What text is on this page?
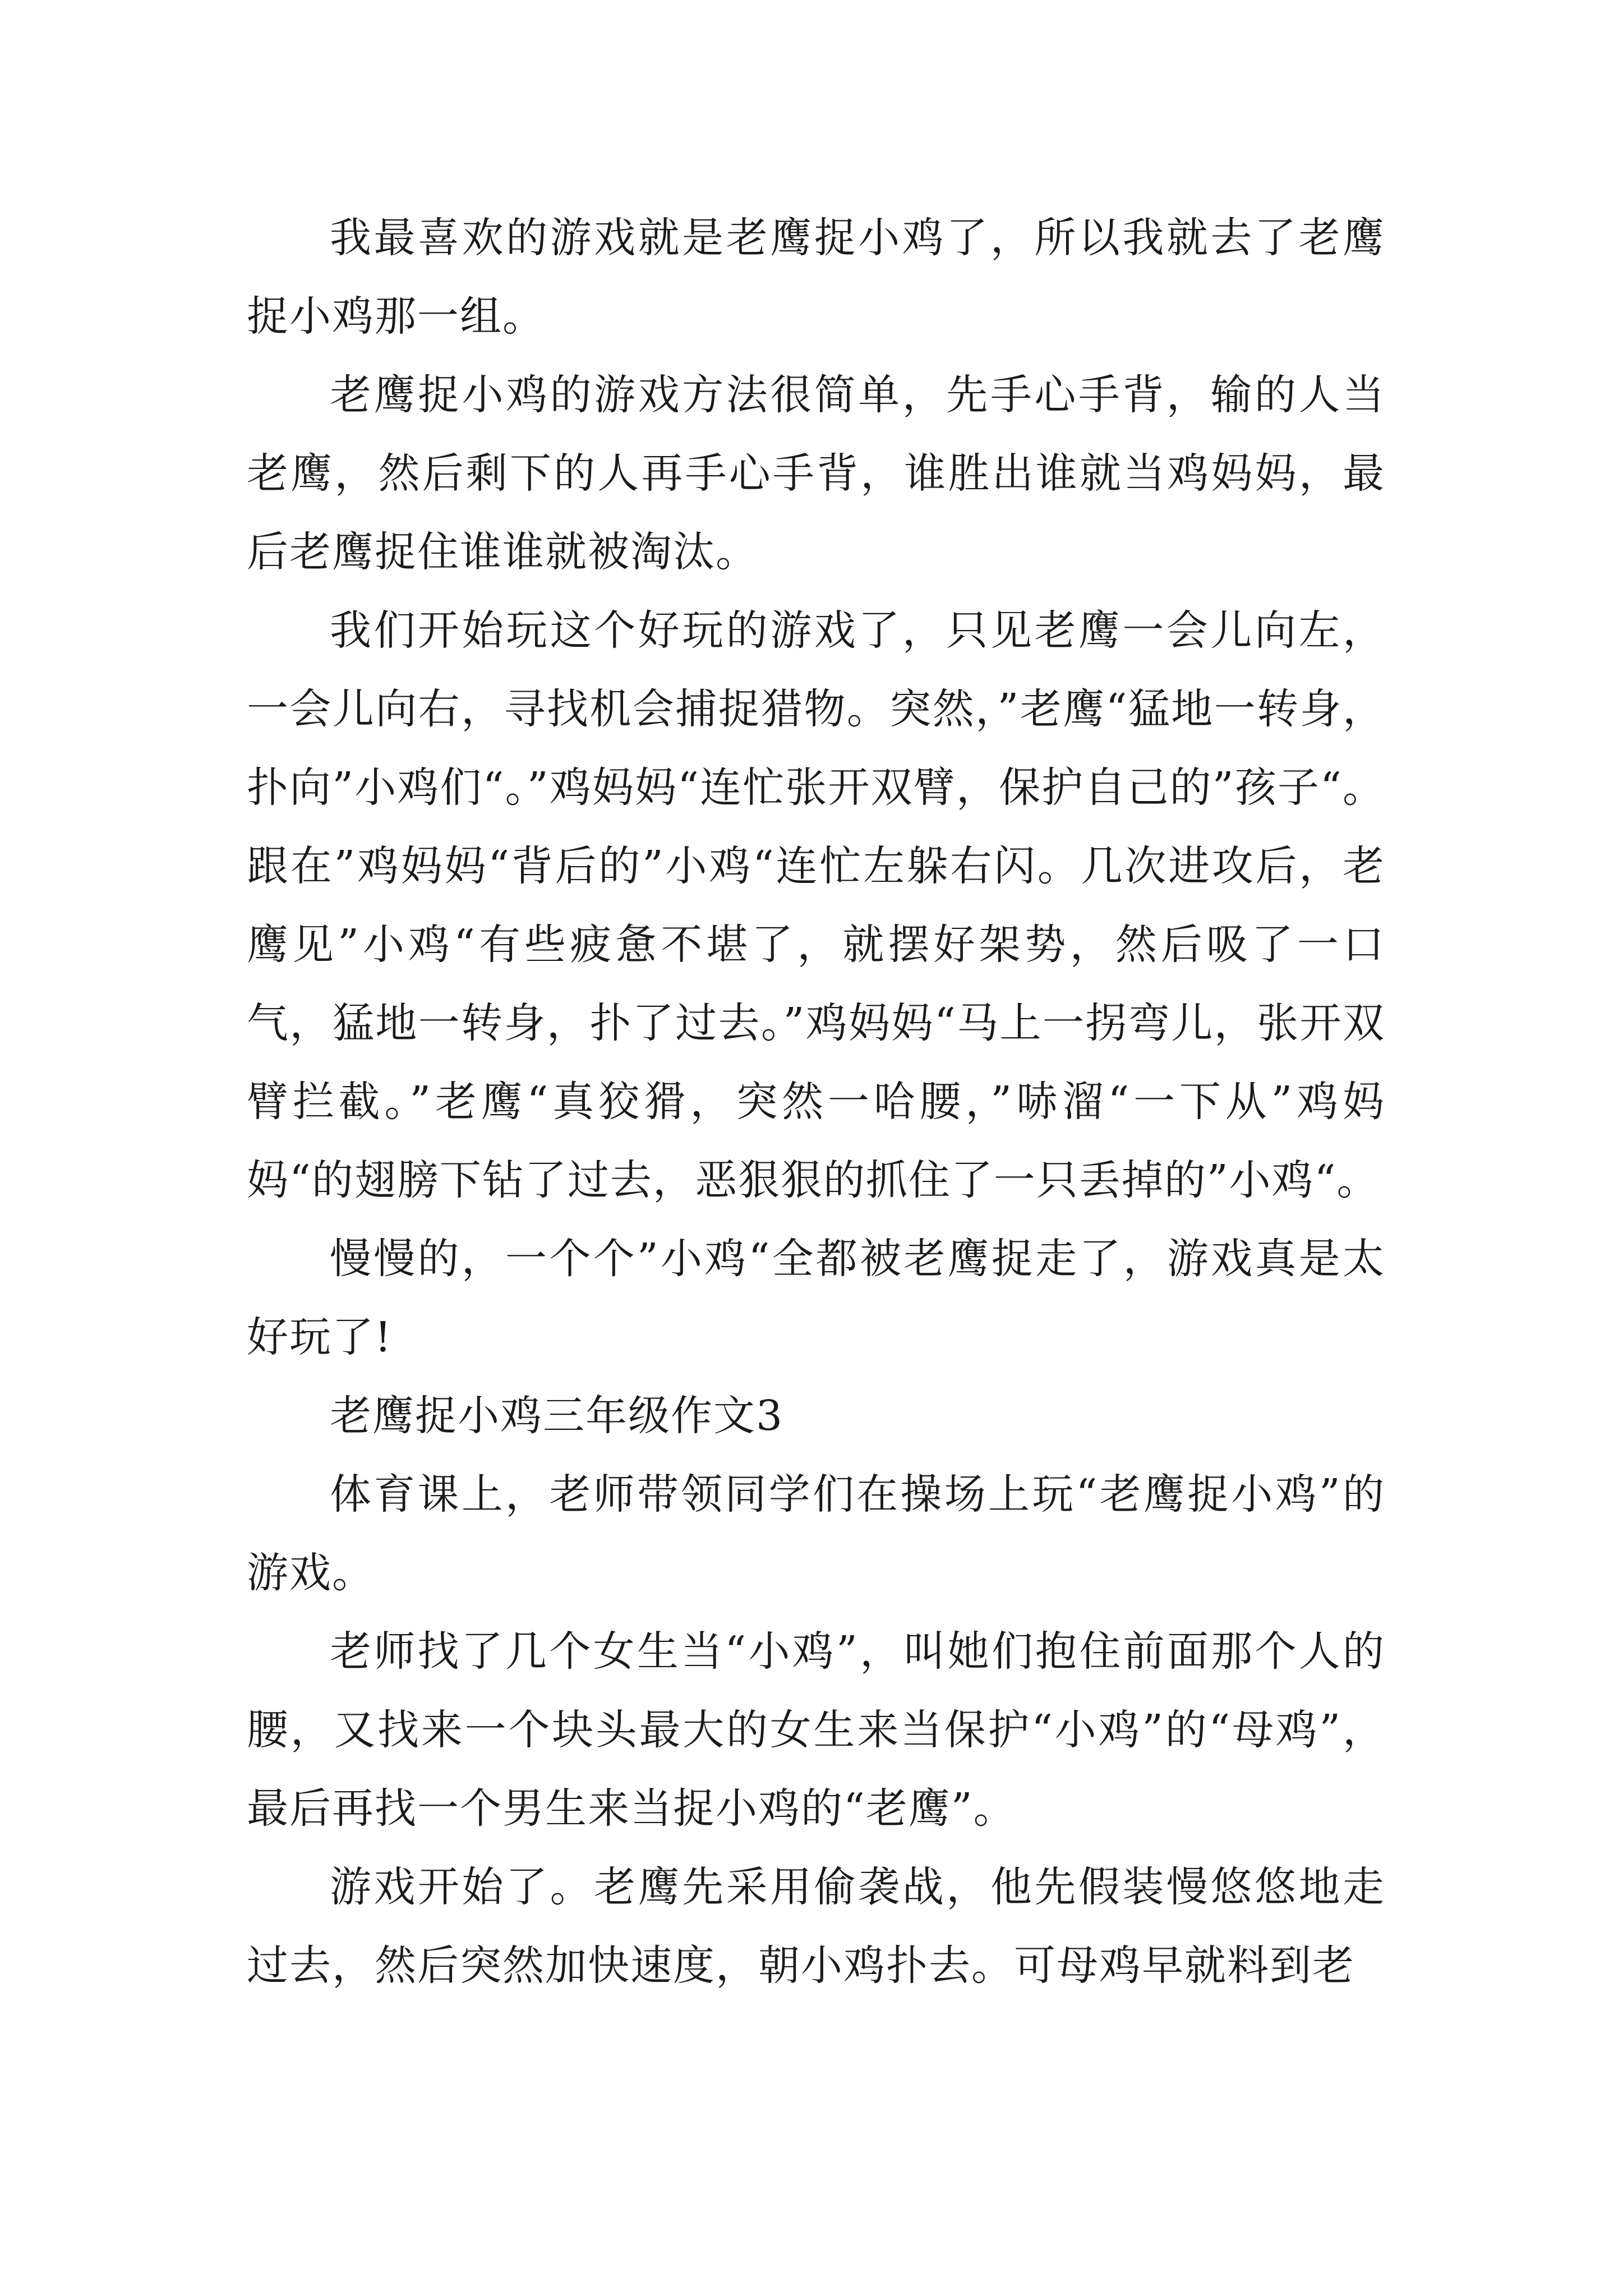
我最喜欢的游戏就是老鹰捉小鸡了，所以我就去了老鹰捉小鸡那一组。

老鹰捉小鸡的游戏方法很简单，先手心手背，输的人当老鹰，然后剩下的人再手心手背，谁胜出谁就当鸡妈妈，最后老鹰捉住谁谁就被淘汰。

我们开始玩这个好玩的游戏了，只见老鹰一会儿向左，一会儿向右，寻找机会捕捉猎物。突然，”老鹰“猛地一转身，扑向”小鸡们“。”鸡妈妈“连忙张开双臂，保护自己的”孩子“。跟在”鸡妈妈“背后的”小鸡“连忙左躲右闪。几次进攻后，老鹰见”小鸡“有些疲惫不堪了，就摆好架势，然后吸了一口气，猛地一转身，扑了过去。”鸡妈妈“马上一拐弯儿，张开双臂拦截。”老鹰“真狡猾，突然一哈腰，”哧溜“一下从”鸡妈妈“的翅膀下钻了过去，恶狠狠的抓住了一只丢掉的”小鸡“。

慢慢的，一个个”小鸡“全都被老鹰捉走了，游戏真是太好玩了!

老鹰捉小鸡三年级作文3

体育课上，老师带领同学们在操场上玩“老鹰捉小鸡”的游戏。

老师找了几个女生当“小鸡”，叫她们抱住前面那个人的腰，又找来一个块头最大的女生来当保护“小鸡”的“母鸡”，最后再找一个男生来当捉小鸡的“老鹰”。

游戏开始了。老鹰先采用偷袭战，他先假装慢悠悠地走过去，然后突然加快速度，朝小鸡扑去。可母鸡早就料到老
